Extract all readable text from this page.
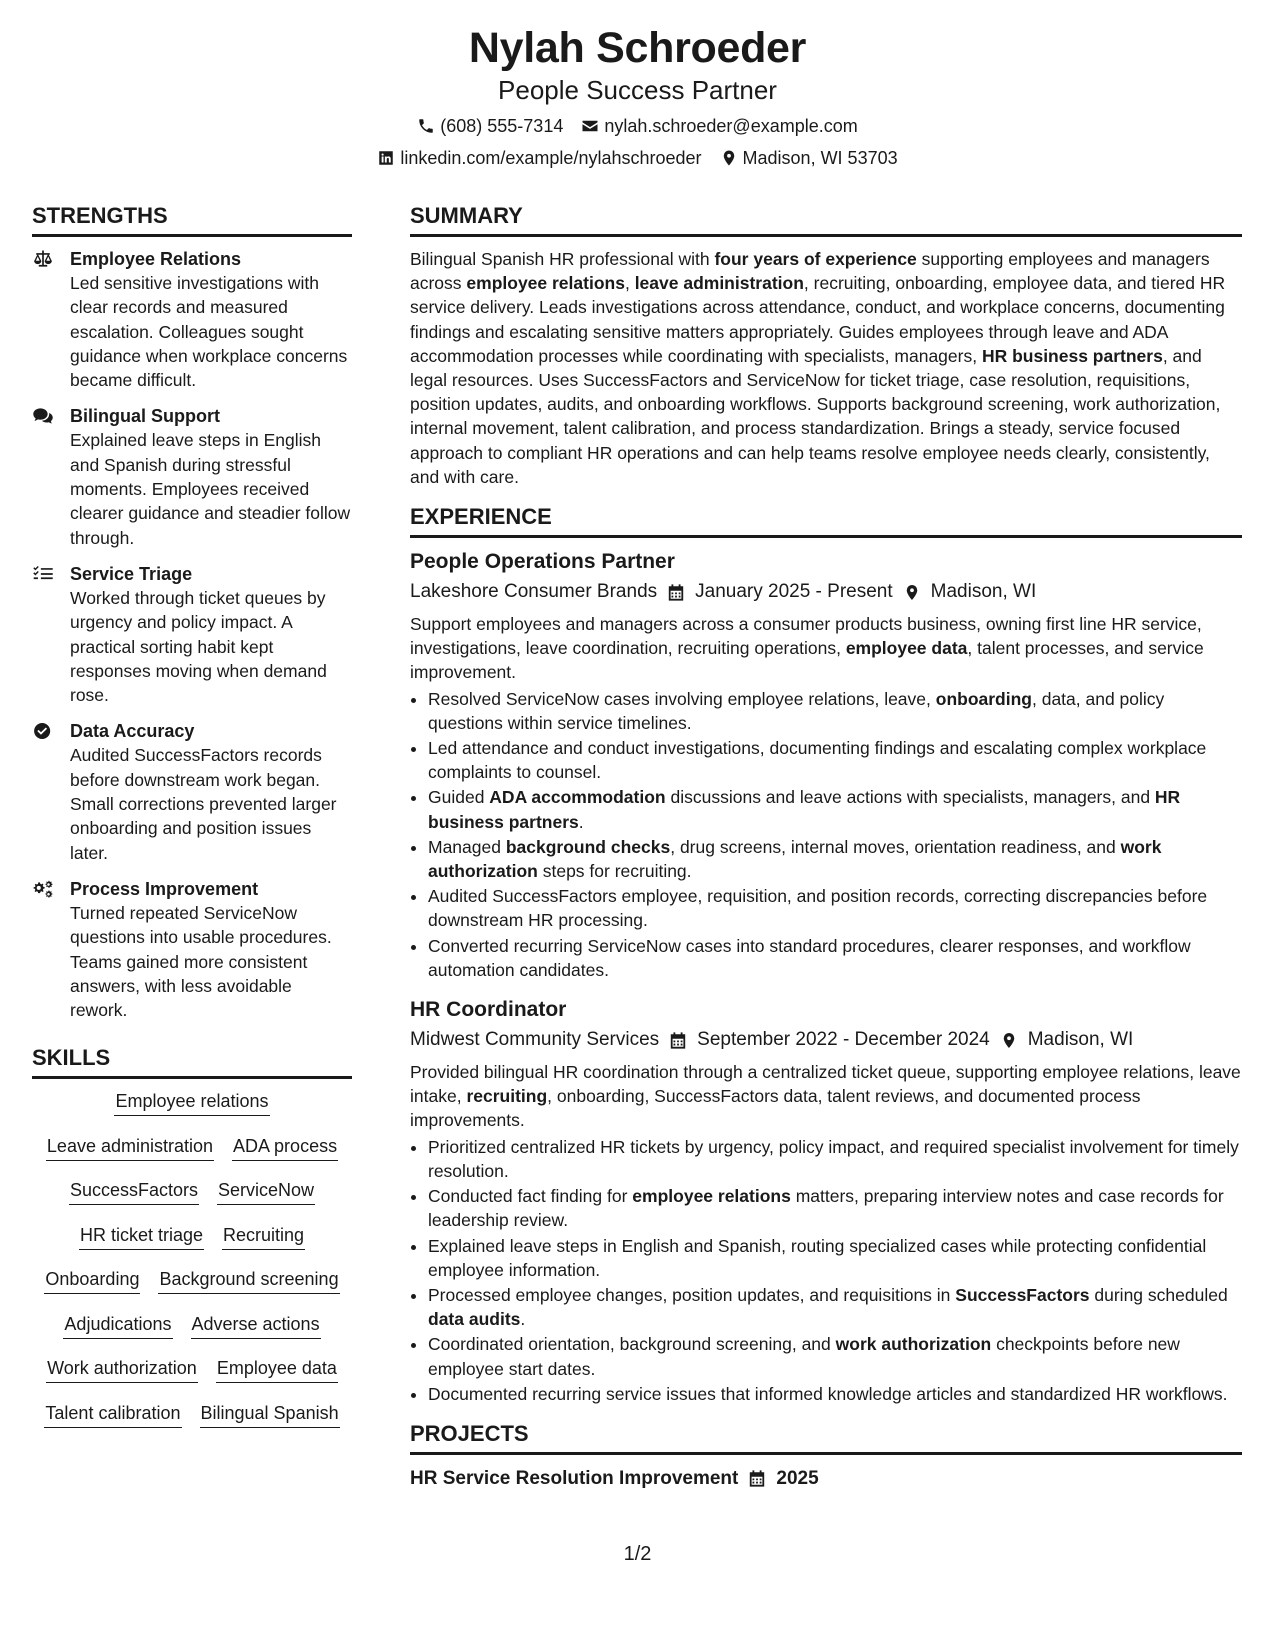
Nylah Schroeder
People Success Partner
(608) 555-7314 nylah.schroeder@example.com
linkedin.com/example/nylahschroeder Madison, WI 53703
STRENGTHS
Employee Relations
Led sensitive investigations with clear records and measured escalation. Colleagues sought guidance when workplace concerns became difficult.
Bilingual Support
Explained leave steps in English and Spanish during stressful moments. Employees received clearer guidance and steadier follow through.
Service Triage
Worked through ticket queues by urgency and policy impact. A practical sorting habit kept responses moving when demand rose.
Data Accuracy
Audited SuccessFactors records before downstream work began. Small corrections prevented larger onboarding and position issues later.
Process Improvement
Turned repeated ServiceNow questions into usable procedures. Teams gained more consistent answers, with less avoidable rework.
SKILLS
Employee relations
Leave administration ADA process
SuccessFactors ServiceNow
HR ticket triage Recruiting
Onboarding Background screening
Adjudications Adverse actions
Work authorization Employee data
Talent calibration Bilingual Spanish
SUMMARY
Bilingual Spanish HR professional with four years of experience supporting employees and managers across employee relations, leave administration, recruiting, onboarding, employee data, and tiered HR service delivery. Leads investigations across attendance, conduct, and workplace concerns, documenting findings and escalating sensitive matters appropriately. Guides employees through leave and ADA accommodation processes while coordinating with specialists, managers, HR business partners, and legal resources. Uses SuccessFactors and ServiceNow for ticket triage, case resolution, requisitions, position updates, audits, and onboarding workflows. Supports background screening, work authorization, internal movement, talent calibration, and process standardization. Brings a steady, service focused approach to compliant HR operations and can help teams resolve employee needs clearly, consistently, and with care.
EXPERIENCE
People Operations Partner
Lakeshore Consumer Brands January 2025 - Present Madison, WI
Support employees and managers across a consumer products business, owning first line HR service, investigations, leave coordination, recruiting operations, employee data, talent processes, and service improvement.
• Resolved ServiceNow cases involving employee relations, leave, onboarding, data, and policy questions within service timelines.
• Led attendance and conduct investigations, documenting findings and escalating complex workplace complaints to counsel.
• Guided ADA accommodation discussions and leave actions with specialists, managers, and HR business partners.
• Managed background checks, drug screens, internal moves, orientation readiness, and work authorization steps for recruiting.
• Audited SuccessFactors employee, requisition, and position records, correcting discrepancies before downstream HR processing.
• Converted recurring ServiceNow cases into standard procedures, clearer responses, and workflow automation candidates.
HR Coordinator
Midwest Community Services September 2022 - December 2024 Madison, WI
Provided bilingual HR coordination through a centralized ticket queue, supporting employee relations, leave intake, recruiting, onboarding, SuccessFactors data, talent reviews, and documented process improvements.
• Prioritized centralized HR tickets by urgency, policy impact, and required specialist involvement for timely resolution.
• Conducted fact finding for employee relations matters, preparing interview notes and case records for leadership review.
• Explained leave steps in English and Spanish, routing specialized cases while protecting confidential employee information.
• Processed employee changes, position updates, and requisitions in SuccessFactors during scheduled data audits.
• Coordinated orientation, background screening, and work authorization checkpoints before new employee start dates.
• Documented recurring service issues that informed knowledge articles and standardized HR workflows.
PROJECTS
HR Service Resolution Improvement 2025
1/2
